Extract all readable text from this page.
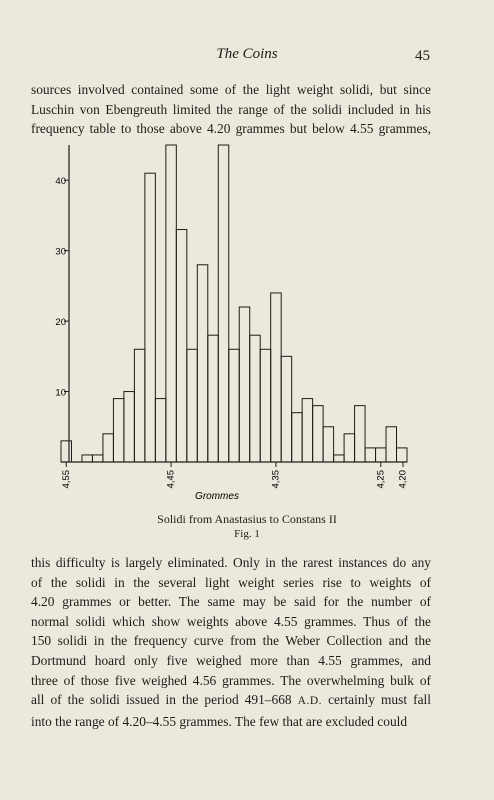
The Coins	45
sources involved contained some of the light weight solidi, but since
Luschin von Ebengreuth limited the range of the solidi included in his
frequency table to those above 4.20 grammes but below 4.55 grammes,
10
20
30
40
4,55	4,45	4,35	4,25 4,20
Grommes
Solidi from Anastasius to Constans II
Fig. 1
this difficulty is largely eliminated. Only in the rarest instances do any
of the solidi in the several light weight series rise to weights of
4.20 grammes or better. The same may be said for the number of
normal solidi which show weights above 4.55 grammes. Thus of the
150 solidi in the frequency curve from the Weber Collection and the
Dortmund hoard only five weighed more than 4.55 grammes, and
three of those five weighed 4.56 grammes. The overwhelming bulk of
all of the solidi issued in the period 491–668 A.D. certainly must fall
into the range of 4.20–4.55 grammes. The few that are excluded could
